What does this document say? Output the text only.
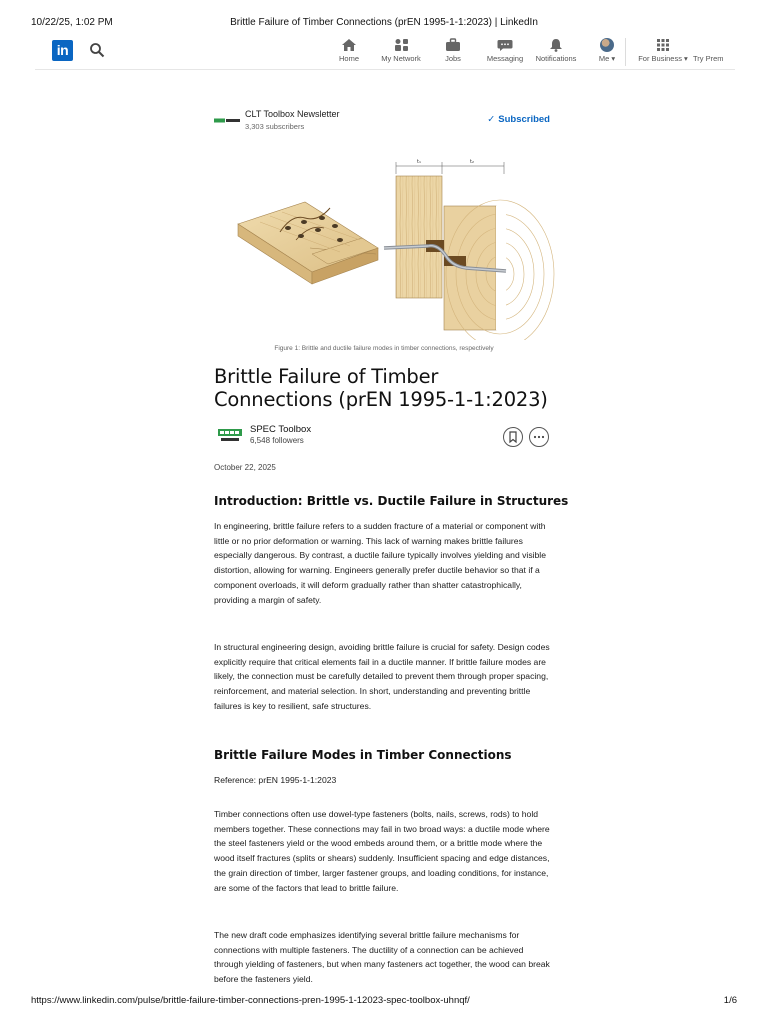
10/22/25, 1:02 PM	Brittle Failure of Timber Connections (prEN 1995-1-1:2023) | LinkedIn
in
Home	My Network	Jobs	Messaging	Notifications	Me ▾	For Business ▾ Try Prem
CLT Toolbox Newsletter
3,303 subscribers
✓ Subscribed
t₁	t₂
Figure 1: Brittle and ductile failure modes in timber connections, respectively
Brittle Failure of Timber Connections (prEN 1995-1-1:2023)
SPEC Toolbox
6,548 followers
October 22, 2025
Introduction: Brittle vs. Ductile Failure in Structures

In engineering, brittle failure refers to a sudden fracture of a material or component with little or no prior deformation or warning. This lack of warning makes brittle failures especially dangerous. By contrast, a ductile failure typically involves yielding and visible distortion, allowing for warning. Engineers generally prefer ductile behavior so that if a component overloads, it will deform gradually rather than shatter catastrophically, providing a margin of safety.

In structural engineering design, avoiding brittle failure is crucial for safety. Design codes explicitly require that critical elements fail in a ductile manner. If brittle failure modes are likely, the connection must be carefully detailed to prevent them through proper spacing, reinforcement, and material selection. In short, understanding and preventing brittle failures is key to resilient, safe structures.

Brittle Failure Modes in Timber Connections

Reference: prEN 1995-1-1:2023

Timber connections often use dowel-type fasteners (bolts, nails, screws, rods) to hold members together. These connections may fail in two broad ways: a ductile mode where the steel fasteners yield or the wood embeds around them, or a brittle mode where the wood itself fractures (splits or shears) suddenly. Insufficient spacing and edge distances, the grain direction of timber, larger fastener groups, and loading conditions, for instance, are some of the factors that lead to brittle failure.

The new draft code emphasizes identifying several brittle failure mechanisms for connections with multiple fasteners. The ductility of a connection can be achieved through yielding of fasteners, but when many fasteners act together, the wood can break before the fasteners yield.

https://www.linkedin.com/pulse/brittle-failure-timber-connections-pren-1995-1-12023-spec-toolbox-uhnqf/	1/6
